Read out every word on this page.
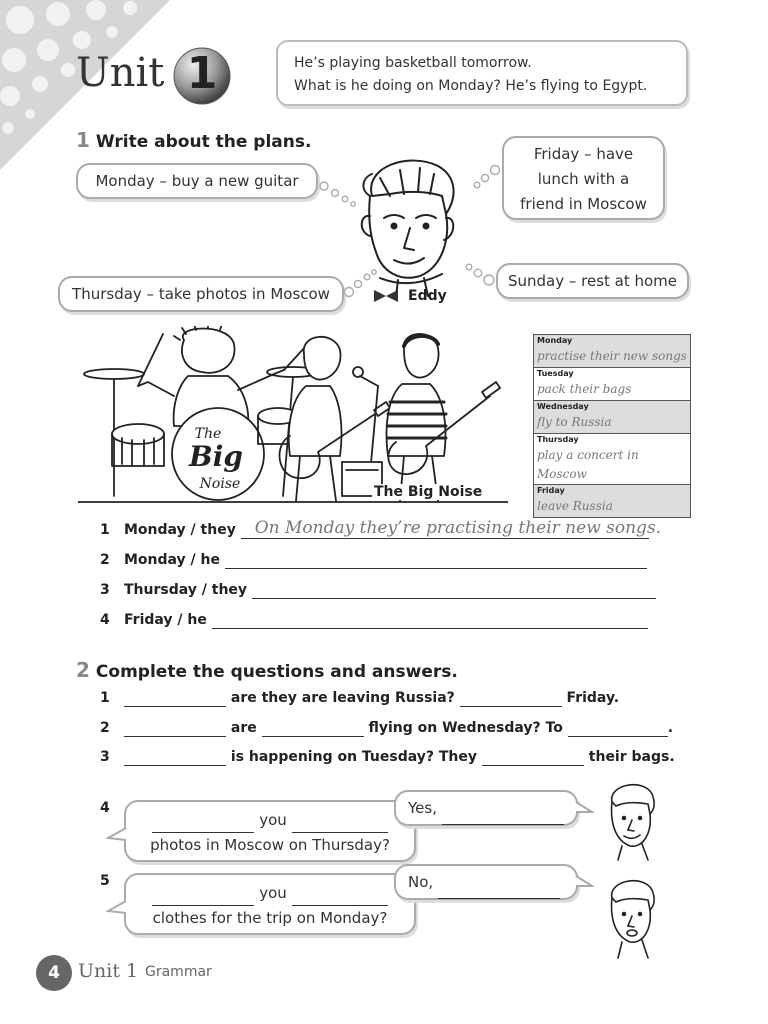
Unit 1	He’s playing basketball tomorrow.
What is he doing on Monday? He’s flying to Egypt.
1 Write about the plans.
Monday – buy a new guitar
Friday – have lunch with a friend in Moscow
Thursday – take photos in Moscow
Sunday – rest at home
Eddy
The
Big
Noise	The Big Noise
Monday
practise their new songs

Tuesday
pack their bags

Wednesday
fly to Russia

Thursday
play a concert in Moscow

Friday
leave Russia
1 Monday / they On Monday they’re practising their new songs.

2 Monday / he
3 Thursday / they
4 Friday / he
2 Complete the questions and answers.
1	are they are leaving Russia?	Friday.
2	are	flying on Wednesday? To	.
3	is happening on Tuesday? They	their bags.
4
you
photos in Moscow on Thursday?
Yes,
5
you
clothes for the trip on Monday?
No,
4 Unit 1 Grammar
